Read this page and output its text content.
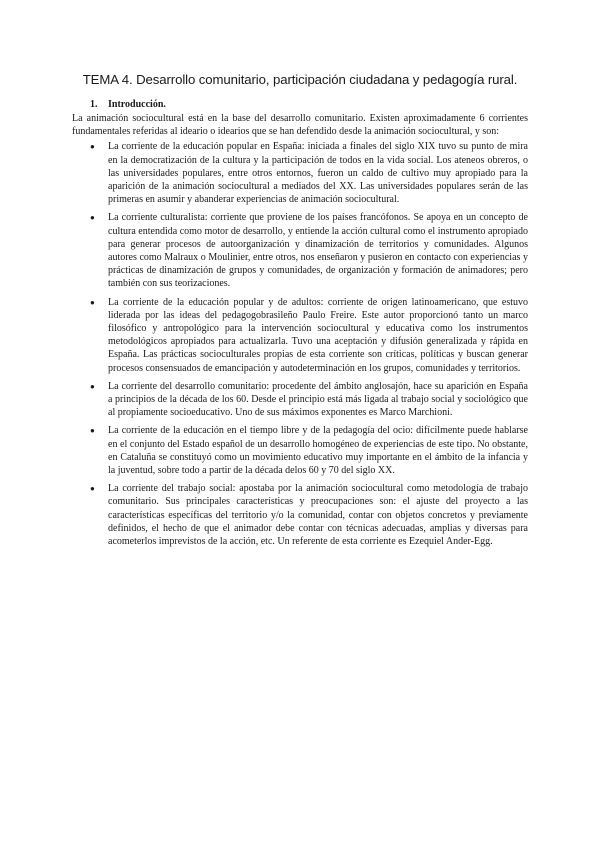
TEMA 4. Desarrollo comunitario, participación ciudadana y pedagogía rural.
1.	Introducción.

La animación sociocultural está en la base del desarrollo comunitario. Existen aproximadamente 6 corrientes fundamentales referidas al ideario o idearios que se han defendido desde la animación sociocultural, y son:

● La corriente de la educación popular en España: iniciada a finales del siglo XIX tuvo su punto de mira en la democratización de la cultura y la participación de todos en la vida social. Los ateneos obreros, o las universidades populares, entre otros entornos, fueron un caldo de cultivo muy apropiado para la aparición de la animación sociocultural a mediados del XX. Las universidades populares serán de las primeras en asumir y abanderar experiencias de animación sociocultural.
● La corriente culturalista: corriente que proviene de los países francófonos. Se apoya en un concepto de cultura entendida como motor de desarrollo, y entiende la acción cultural como el instrumento apropiado para generar procesos de autoorganización y dinamización de territorios y comunidades. Algunos autores como Malraux o Moulinier, entre otros, nos enseñaron y pusieron en contacto con experiencias y prácticas de dinamización de grupos y comunidades, de organización y formación de animadores; pero también con sus teorizaciones.
● La corriente de la educación popular y de adultos: corriente de origen latinoamericano, que estuvo liderada por las ideas del pedagogobrasileño Paulo Freire. Este autor proporcionó tanto un marco filosófico y antropológico para la intervención sociocultural y educativa como los instrumentos metodológicos apropiados para actualizarla. Tuvo una aceptación y difusión generalizada y rápida en España. Las prácticas socioculturales propias de esta corriente son críticas, políticas y buscan generar procesos consensuados de emancipación y autodeterminación en los grupos, comunidades y territorios.
● La corriente del desarrollo comunitario: procedente del ámbito anglosajón, hace su aparición en España a principios de la década de los 60. Desde el principio está más ligada al trabajo social y sociológico que al propiamente socioeducativo. Uno de sus máximos exponentes es Marco Marchioni.
● La corriente de la educación en el tiempo libre y de la pedagogía del ocio: difícilmente puede hablarse en el conjunto del Estado español de un desarrollo homogéneo de experiencias de este tipo. No obstante, en Cataluña se constituyó como un movimiento educativo muy importante en el ámbito de la infancia y la juventud, sobre todo a partir de la década delos 60 y 70 del siglo XX.
● La corriente del trabajo social: apostaba por la animación sociocultural como metodología de trabajo comunitario. Sus principales características y preocupaciones son: el ajuste del proyecto a las características específicas del territorio y/o la comunidad, contar con objetos concretos y previamente definidos, el hecho de que el animador debe contar con técnicas adecuadas, amplias y diversas para acometerlos imprevistos de la acción, etc. Un referente de esta corriente es Ezequiel Ander-Egg.
